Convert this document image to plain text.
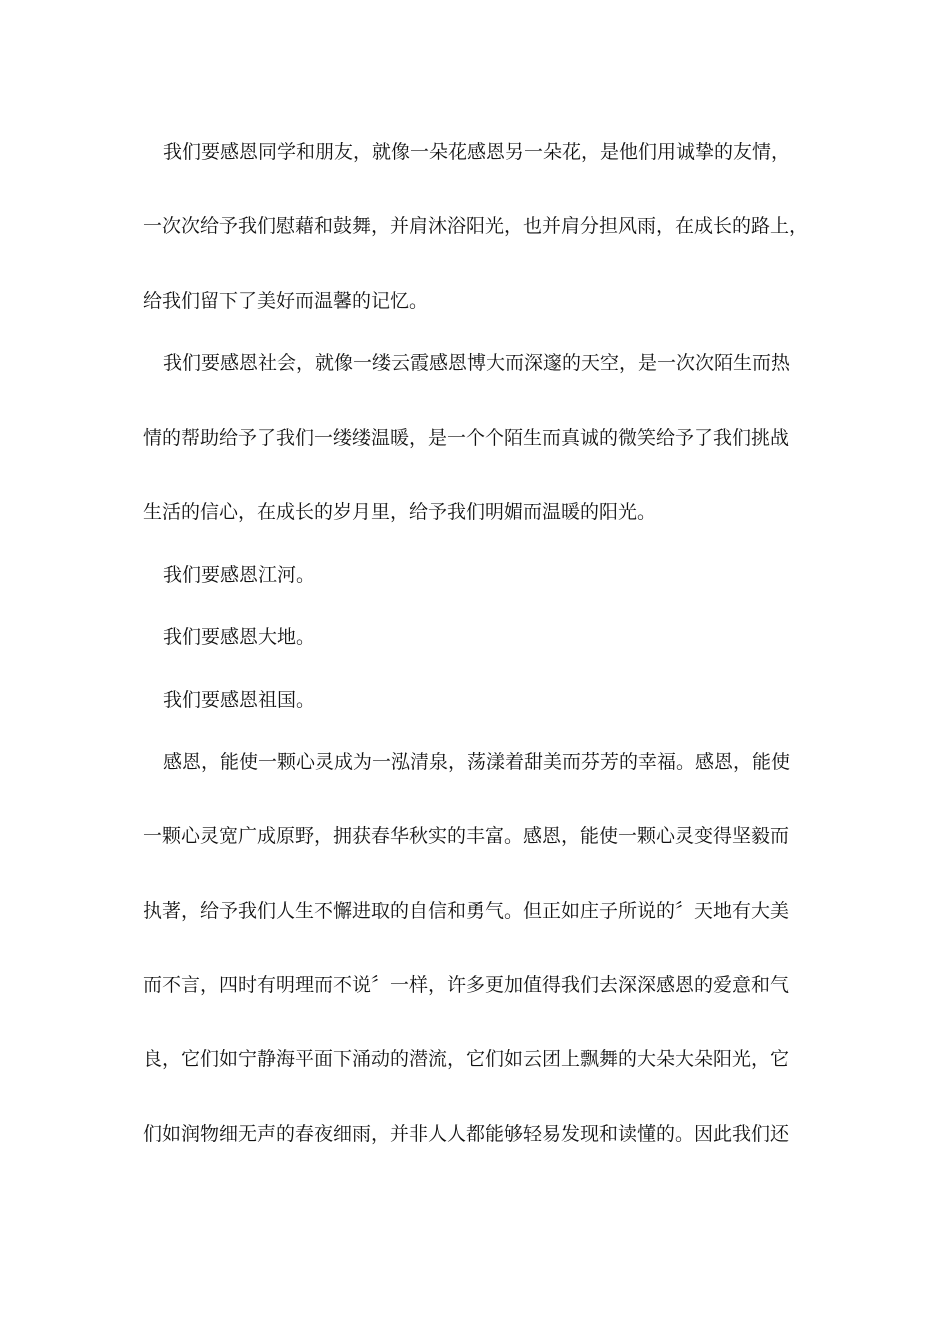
我们要感恩同学和朋友，就像一朵花感恩另一朵花，是他们用诚挚的友情，
一次次给予我们慰藉和鼓舞，并肩沐浴阳光，也并肩分担风雨，在成长的路上，
给我们留下了美好而温馨的记忆。
我们要感恩社会，就像一缕云霞感恩博大而深邃的天空，是一次次陌生而热
情的帮助给予了我们一缕缕温暖，是一个个陌生而真诚的微笑给予了我们挑战
生活的信心，在成长的岁月里，给予我们明媚而温暖的阳光。
我们要感恩江河。
我们要感恩大地。
我们要感恩祖国。
感恩，能使一颗心灵成为一泓清泉，荡漾着甜美而芬芳的幸福。感恩，能使
一颗心灵宽广成原野，拥获春华秋实的丰富。感恩，能使一颗心灵变得坚毅而
执著，给予我们人生不懈进取的自信和勇气。但正如庄子所说的〞天地有大美
而不言，四时有明理而不说〞一样，许多更加值得我们去深深感恩的爱意和气
良，它们如宁静海平面下涌动的潜流，它们如云团上飘舞的大朵大朵阳光，它
们如润物细无声的春夜细雨，并非人人都能够轻易发现和读懂的。因此我们还
